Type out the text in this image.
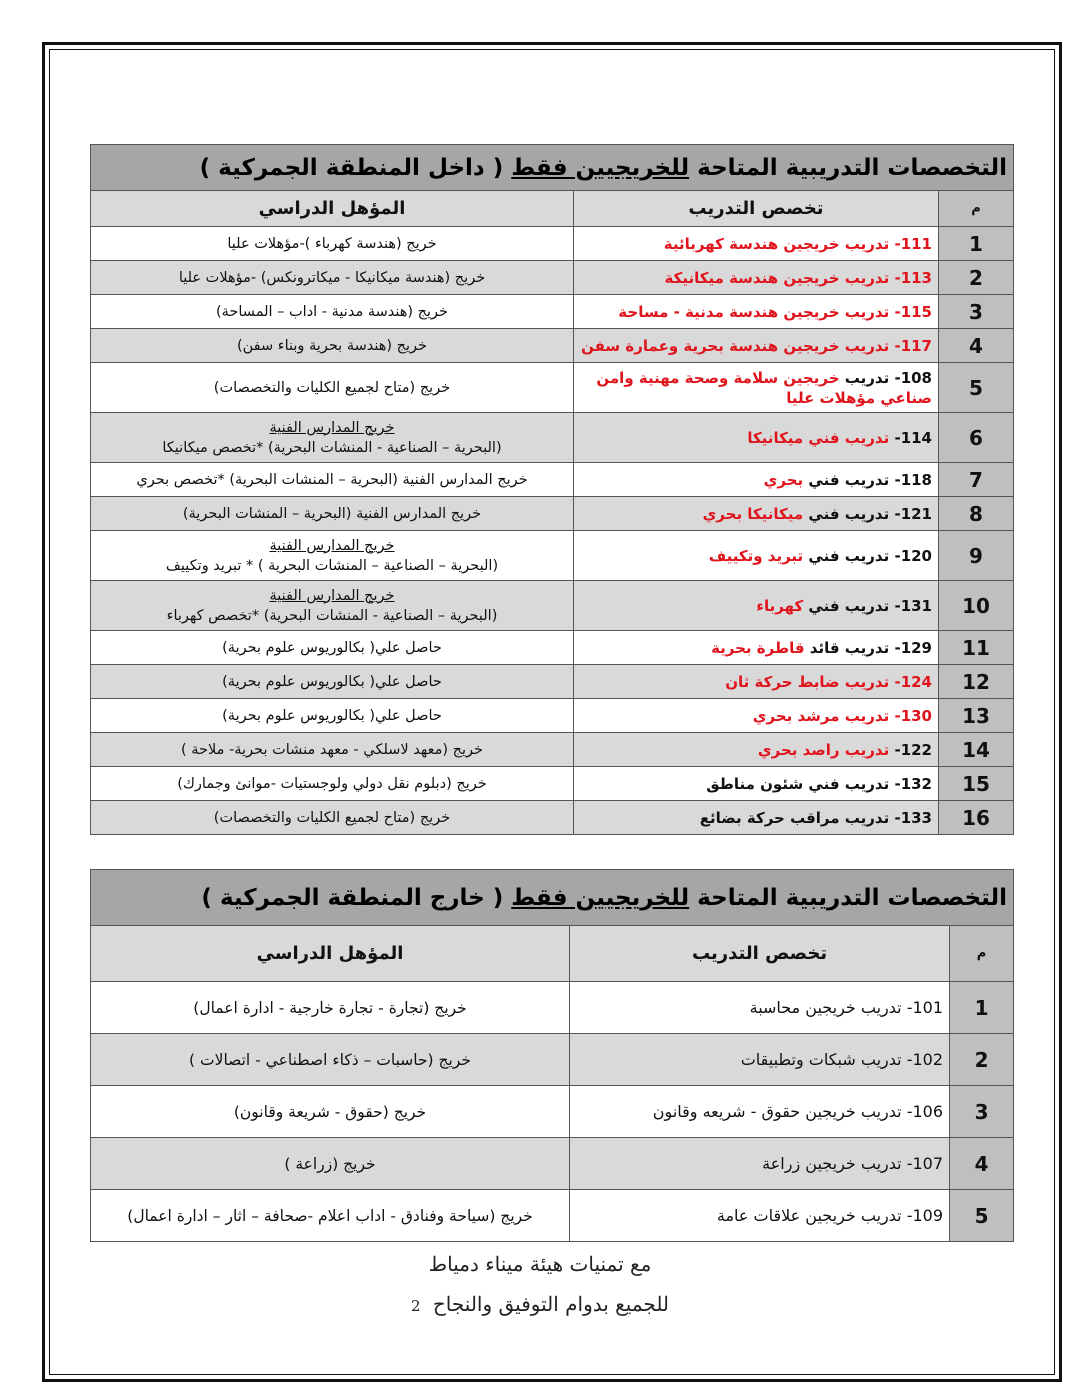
التخصصات التدريبية المتاحة للخريجيين فقط ( داخل المنطقة الجمركية )		
م	تخصص التدريب	المؤهل الدراسي
1	111- تدريب خريجين هندسة كهربائية	خريج (هندسة كهرباء )-مؤهلات عليا

2	113- تدريب خريجين هندسة ميكانيكة	خريج (هندسة ميكانيكا - ميكاترونكس) -مؤهلات عليا

3	115- تدريب خريجين هندسة مدنية - مساحة	خريج (هندسة مدنية - اداب – المساحة)

4	117- تدريب خريجين هندسة بحرية وعمارة سفن	خريج (هندسة بحرية وبناء سفن)

5	108- تدريب خريجين سلامة وصحة مهنية وامن صناعي مؤهلات عليا	خريج (متاح لجميع الكليات والتخصصات)

6	114- تدريب فني ميكانيكا	خريج المدارس الفنية
(البحرية – الصناعية - المنشات البحرية) *تخصص ميكانيكا

7	118- تدريب فني بحري	خريج المدارس الفنية (البحرية – المنشات البحرية) *تخصص بحري

8	121- تدريب فني ميكانيكا بحري	خريج المدارس الفنية (البحرية – المنشات البحرية)

9	120- تدريب فني تبريد وتكييف	خريج المدارس الفنية
(البحرية – الصناعية – المنشات البحرية ) * تبريد وتكييف

10	131- تدريب فني كهرباء	خريج المدارس الفنية
(البحرية – الصناعية - المنشات البحرية) *تخصص كهرباء

11	129- تدريب قائد قاطرة بحرية	حاصل علي( بكالوريوس علوم بحرية)

12	124- تدريب ضابط حركة ثان	حاصل علي( بكالوريوس علوم بحرية)

13	130- تدريب مرشد بحري	حاصل علي( بكالوريوس علوم بحرية)

14	122- تدريب راصد بحري	خريج (معهد لاسلكي - معهد منشات بحرية- ملاحة )

15	132- تدريب فني شئون مناطق	خريج (دبلوم نقل دولي ولوجستيات -موانئ وجمارك)

16	133- تدريب مراقب حركة بضائع	خريج (متاح لجميع الكليات والتخصصات)
التخصصات التدريبية المتاحة للخريجيين فقط ( خارج المنطقة الجمركية )		
م	تخصص التدريب	المؤهل الدراسي
1	101- تدريب خريجين محاسبة	خريج (تجارة - تجارة خارجية - ادارة اعمال)
2	102- تدريب شبكات وتطبيقات	خريج (حاسبات – ذكاء اصطناعي - اتصالات )
3	106- تدريب خريجين حقوق - شريعه وقانون	خريج (حقوق - شريعة وقانون)
4	107- تدريب خريجين زراعة	خريج (زراعة )
5	109- تدريب خريجين علاقات عامة	خريج (سياحة وفنادق - اداب اعلام -صحافة – اثار – ادارة اعمال)
مع تمنيات هيئة ميناء دمياط
للجميع بدوام التوفيق والنجاح 2
